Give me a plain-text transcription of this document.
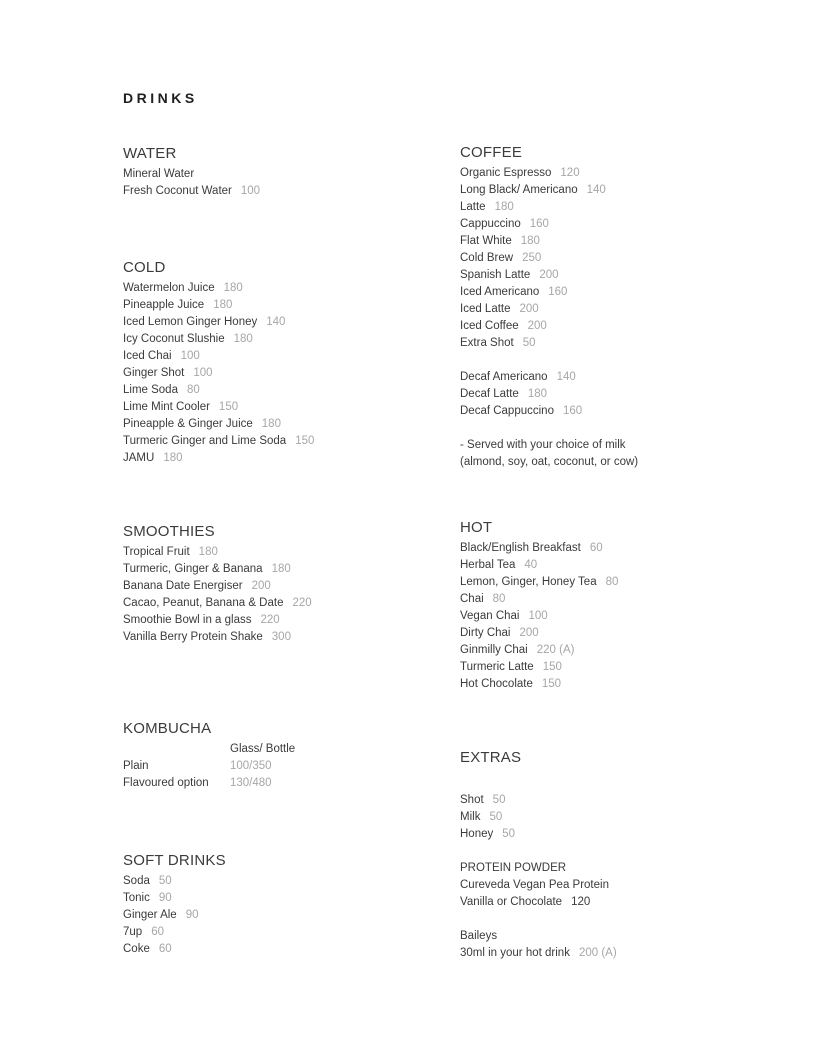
DRINKS
WATER
Mineral Water
Fresh Coconut Water 100
COLD
Watermelon Juice 180
Pineapple Juice 180
Iced Lemon Ginger Honey 140
Icy Coconut Slushie 180
Iced Chai 100
Ginger Shot 100
Lime Soda 80
Lime Mint Cooler 150
Pineapple & Ginger Juice 180
Turmeric Ginger and Lime Soda 150
JAMU 180
SMOOTHIES
Tropical Fruit 180
Turmeric, Ginger & Banana 180
Banana Date Energiser 200
Cacao, Peanut, Banana & Date 220
Smoothie Bowl in a glass 220
Vanilla Berry Protein Shake 300
KOMBUCHA
Glass/ Bottle
Plain	100/350
Flavoured option 130/480
SOFT DRINKS
Soda 50
Tonic 90
Ginger Ale 90
7up 60
Coke 60
COFFEE
Organic Espresso 120
Long Black/ Americano 140
Latte 180
Cappuccino 160
Flat White 180
Cold Brew 250
Spanish Latte 200
Iced Americano 160
Iced Latte 200
Iced Coffee 200
Extra Shot 50
Decaf Americano 140
Decaf Latte 180
Decaf Cappuccino 160
- Served with your choice of milk
(almond, soy, oat, coconut, or cow)
HOT
Black/English Breakfast 60
Herbal Tea 40
Lemon, Ginger, Honey Tea 80
Chai 80
Vegan Chai 100
Dirty Chai 200
Ginmilly Chai 220 (A)
Turmeric Latte 150
Hot Chocolate 150
EXTRAS
Shot 50
Milk 50
Honey 50
PROTEIN POWDER
Cureveda Vegan Pea Protein
Vanilla or Chocolate 120
Baileys
30ml in your hot drink 200 (A)
